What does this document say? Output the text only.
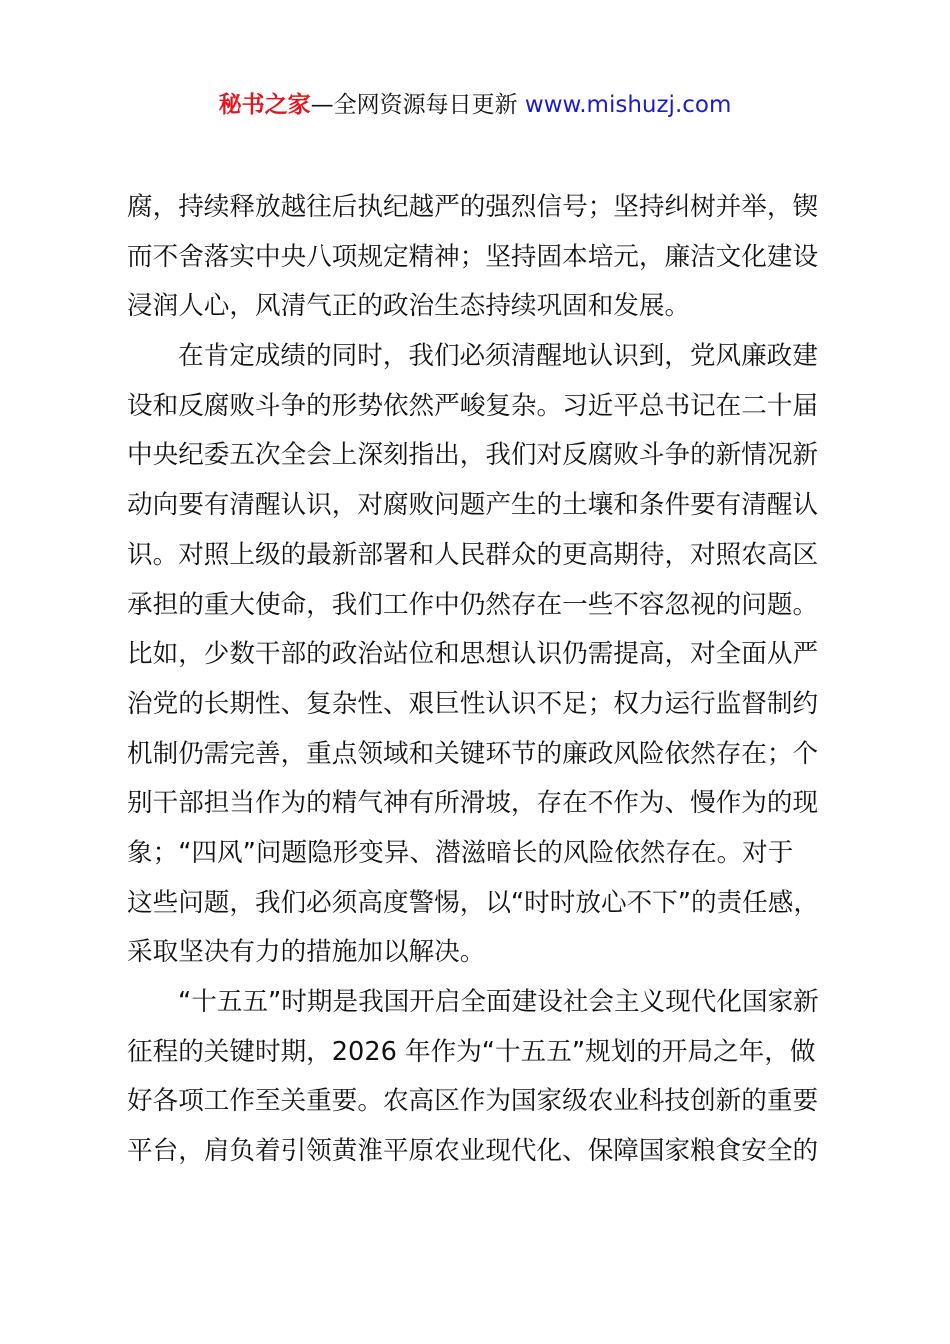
秘书之家—全网资源每日更新 www.mishuzj.com
腐，持续释放越往后执纪越严的强烈信号；坚持纠树并举，锲
而不舍落实中央八项规定精神；坚持固本培元，廉洁文化建设
浸润人心，风清气正的政治生态持续巩固和发展。
在肯定成绩的同时，我们必须清醒地认识到，党风廉政建
设和反腐败斗争的形势依然严峻复杂。习近平总书记在二十届
中央纪委五次全会上深刻指出，我们对反腐败斗争的新情况新
动向要有清醒认识，对腐败问题产生的土壤和条件要有清醒认
识。对照上级的最新部署和人民群众的更高期待，对照农高区
承担的重大使命，我们工作中仍然存在一些不容忽视的问题。
比如，少数干部的政治站位和思想认识仍需提高，对全面从严
治党的长期性、复杂性、艰巨性认识不足；权力运行监督制约
机制仍需完善，重点领域和关键环节的廉政风险依然存在；个
别干部担当作为的精气神有所滑坡，存在不作为、慢作为的现
象；“四风”问题隐形变异、潜滋暗长的风险依然存在。对于
这些问题，我们必须高度警惕，以“时时放心不下”的责任感，
采取坚决有力的措施加以解决。
“十五五”时期是我国开启全面建设社会主义现代化国家新
征程的关键时期，2026 年作为“十五五”规划的开局之年，做
好各项工作至关重要。农高区作为国家级农业科技创新的重要
平台，肩负着引领黄淮平原农业现代化、保障国家粮食安全的
